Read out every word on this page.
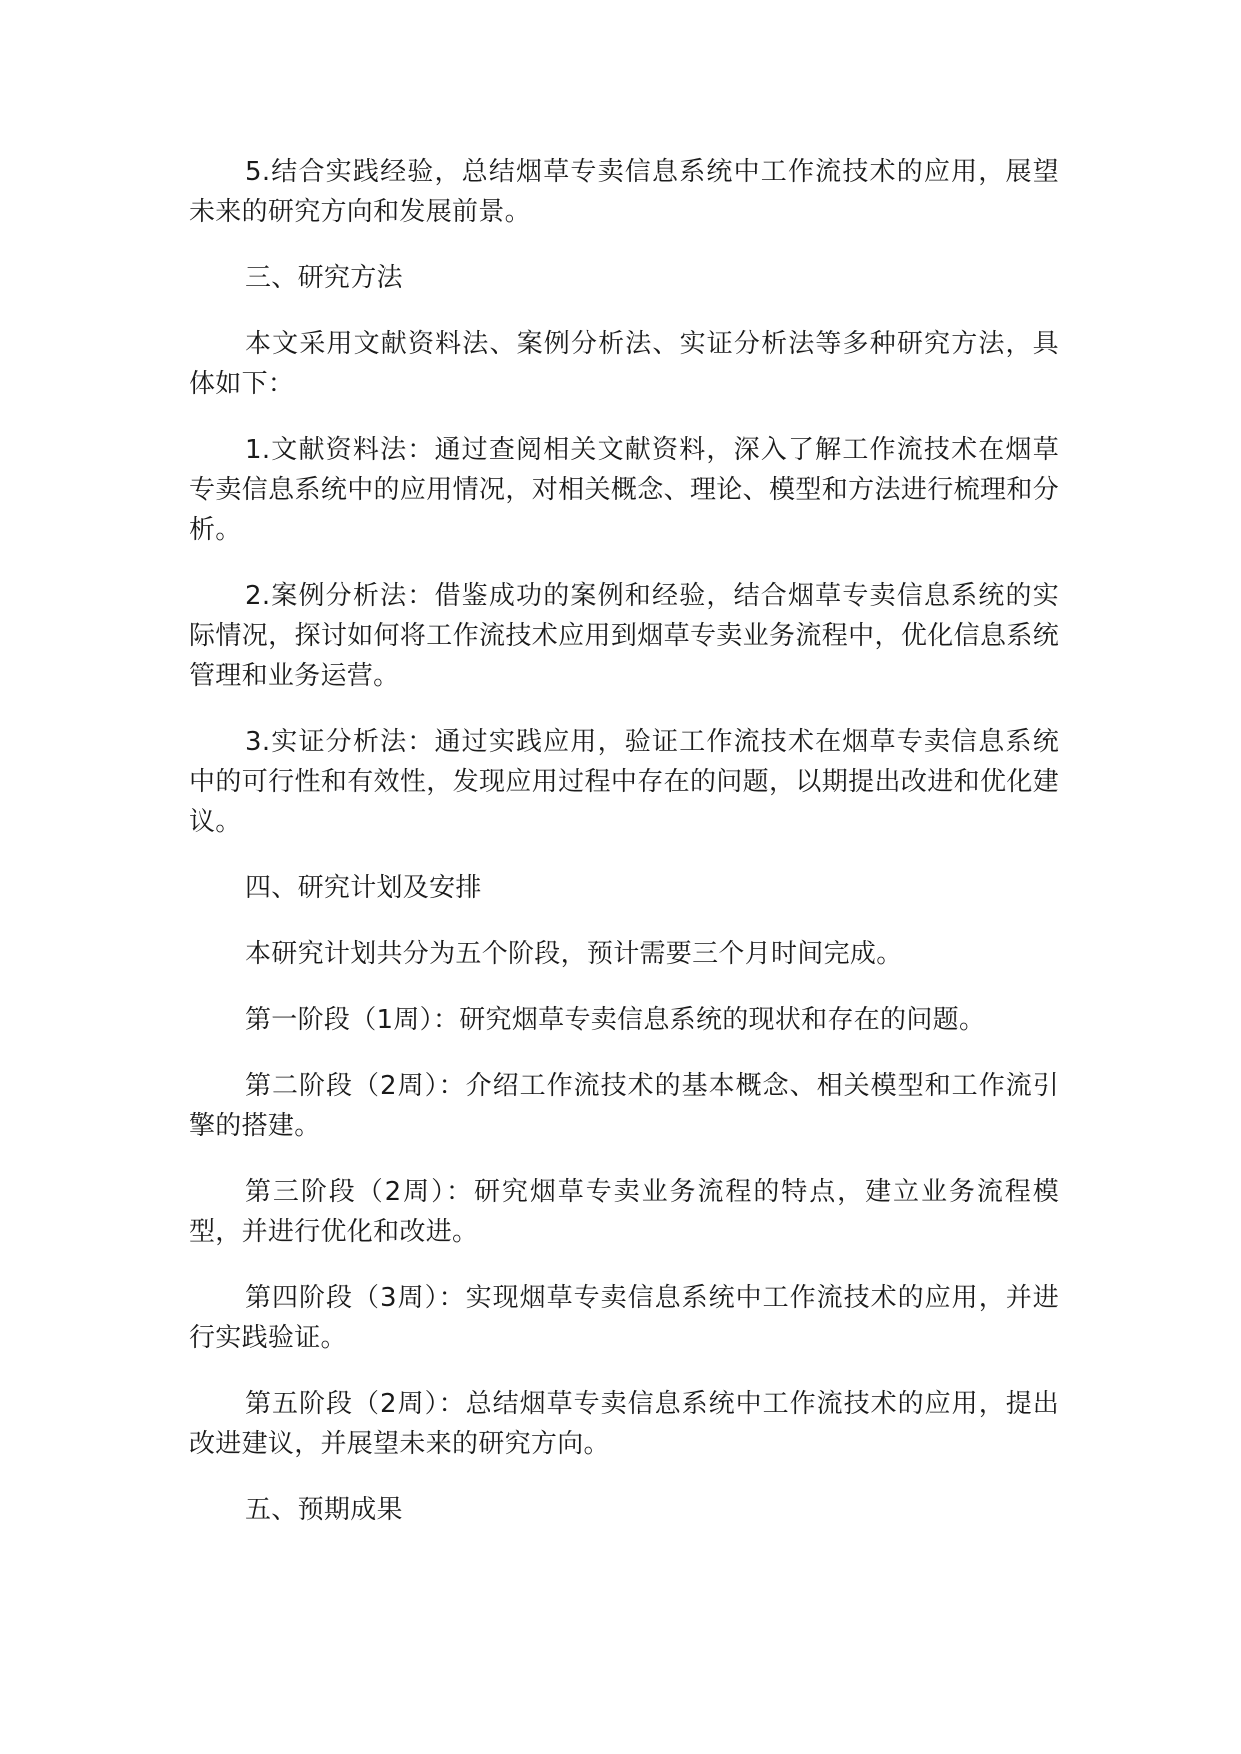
5.结合实践经验，总结烟草专卖信息系统中工作流技术的应用，展望未来的研究方向和发展前景。

三、研究方法

本文采用文献资料法、案例分析法、实证分析法等多种研究方法，具体如下：

1.文献资料法：通过查阅相关文献资料，深入了解工作流技术在烟草专卖信息系统中的应用情况，对相关概念、理论、模型和方法进行梳理和分析。

2.案例分析法：借鉴成功的案例和经验，结合烟草专卖信息系统的实际情况，探讨如何将工作流技术应用到烟草专卖业务流程中，优化信息系统管理和业务运营。

3.实证分析法：通过实践应用，验证工作流技术在烟草专卖信息系统中的可行性和有效性，发现应用过程中存在的问题，以期提出改进和优化建议。

四、研究计划及安排

本研究计划共分为五个阶段，预计需要三个月时间完成。

第一阶段（1周）：研究烟草专卖信息系统的现状和存在的问题。

第二阶段（2周）：介绍工作流技术的基本概念、相关模型和工作流引擎的搭建。

第三阶段（2周）：研究烟草专卖业务流程的特点，建立业务流程模型，并进行优化和改进。

第四阶段（3周）：实现烟草专卖信息系统中工作流技术的应用，并进行实践验证。

第五阶段（2周）：总结烟草专卖信息系统中工作流技术的应用，提出改进建议，并展望未来的研究方向。

五、预期成果
